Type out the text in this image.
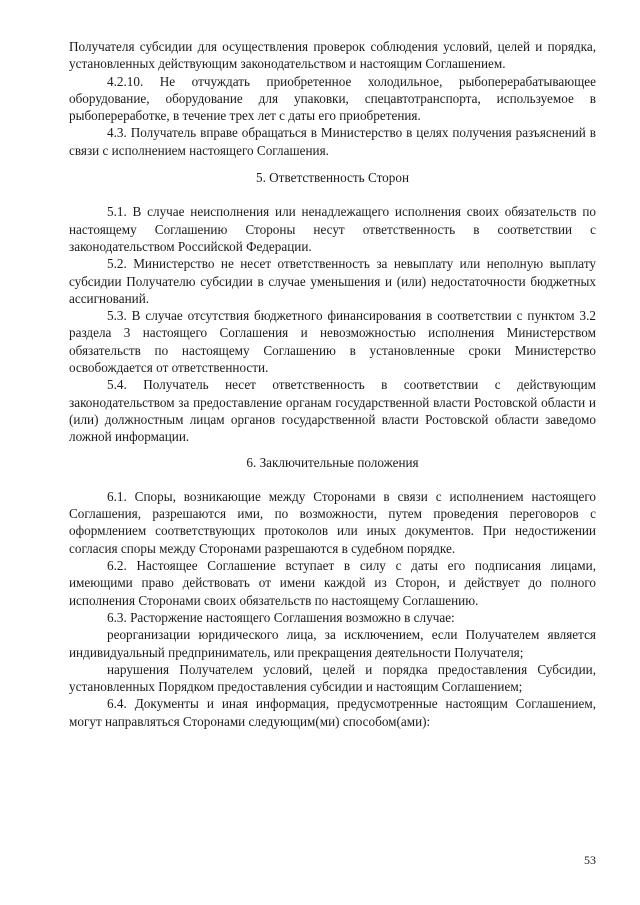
Получателя субсидии для осуществления проверок соблюдения условий, целей и порядка, установленных действующим законодательством и настоящим Соглашением.

4.2.10. Не отчуждать приобретенное холодильное, рыбоперерабатывающее оборудование, оборудование для упаковки, спецавтотранспорта, используемое в рыбопереработке, в течение трех лет с даты его приобретения.

4.3. Получатель вправе обращаться в Министерство в целях получения разъяснений в связи с исполнением настоящего Соглашения.

5. Ответственность Сторон

5.1. В случае неисполнения или ненадлежащего исполнения своих обязательств по настоящему Соглашению Стороны несут ответственность в соответствии с законодательством Российской Федерации.

5.2. Министерство не несет ответственность за невыплату или неполную выплату субсидии Получателю субсидии в случае уменьшения и (или) недостаточности бюджетных ассигнований.

5.3. В случае отсутствия бюджетного финансирования в соответствии с пунктом 3.2 раздела 3 настоящего Соглашения и невозможностью исполнения Министерством обязательств по настоящему Соглашению в установленные сроки Министерство освобождается от ответственности.

5.4. Получатель несет ответственность в соответствии с действующим законодательством за предоставление органам государственной власти Ростовской области и (или) должностным лицам органов государственной власти Ростовской области заведомо ложной информации.

6. Заключительные положения

6.1. Споры, возникающие между Сторонами в связи с исполнением настоящего Соглашения, разрешаются ими, по возможности, путем проведения переговоров с оформлением соответствующих протоколов или иных документов. При недостижении согласия споры между Сторонами разрешаются в судебном порядке.

6.2. Настоящее Соглашение вступает в силу с даты его подписания лицами, имеющими право действовать от имени каждой из Сторон, и действует до полного исполнения Сторонами своих обязательств по настоящему Соглашению.

6.3. Расторжение настоящего Соглашения возможно в случае:

реорганизации юридического лица, за исключением, если Получателем является индивидуальный предприниматель, или прекращения деятельности Получателя;

нарушения Получателем условий, целей и порядка предоставления Субсидии, установленных Порядком предоставления субсидии и настоящим Соглашением;

6.4. Документы и иная информация, предусмотренные настоящим Соглашением, могут направляться Сторонами следующим(ми) способом(ами):

53
